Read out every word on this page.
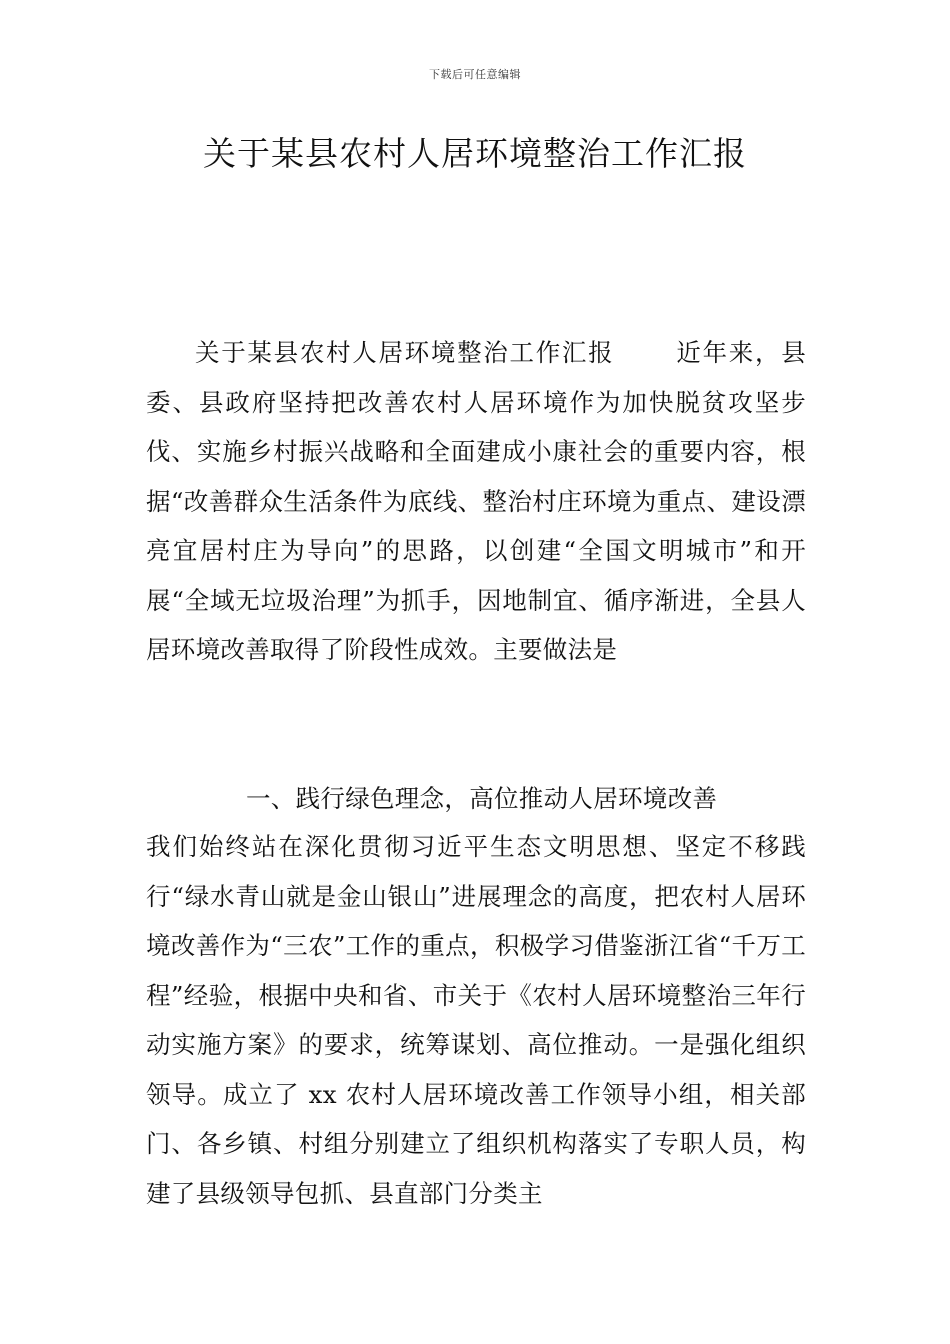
下载后可任意编辑
关于某县农村人居环境整治工作汇报

关于某县农村人居环境整治工作汇报	近年来，县委、县政府坚持把改善农村人居环境作为加快脱贫攻坚步伐、实施乡村振兴战略和全面建成小康社会的重要内容，根据“改善群众生活条件为底线、整治村庄环境为重点、建设漂亮宜居村庄为导向”的思路，以创建“全国文明城市”和开展“全域无垃圾治理”为抓手，因地制宜、循序渐进，全县人居环境改善取得了阶段性成效。主要做法是

一、践行绿色理念，高位推动人居环境改善

我们始终站在深化贯彻习近平生态文明思想、坚定不移践行“绿水青山就是金山银山”进展理念的高度，把农村人居环境改善作为“三农”工作的重点，积极学习借鉴浙江省“千万工程”经验，根据中央和省、市关于《农村人居环境整治三年行动实施方案》的要求，统筹谋划、高位推动。一是强化组织领导。成立了 xx 农村人居环境改善工作领导小组，相关部门、各乡镇、村组分别建立了组织机构落实了专职人员，构建了县级领导包抓、县直部门分类主
